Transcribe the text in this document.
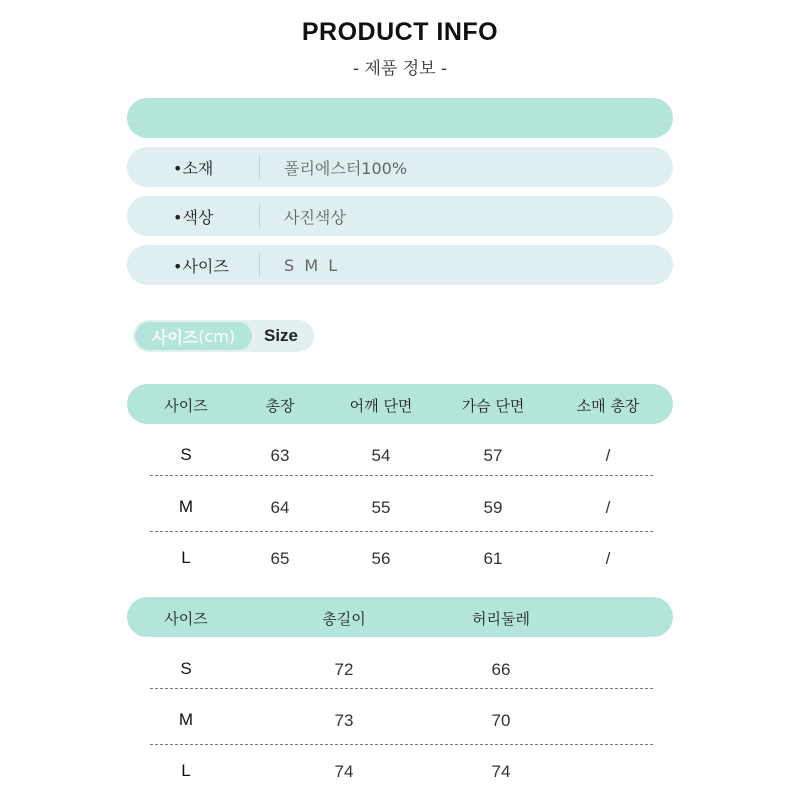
PRODUCT INFO
- 제품 정보 -
•소재	폴리에스터100%
•색상	사진색상
•사이즈	S  M  L
사이즈 (cm)	Size
사이즈	총장	어깨 단면	가슴 단면	소매 총장
S	63	54	57	/
M	64	55	59	/
L	65	56	61	/
사이즈	총길이	허리둘레
S	72	66
M	73	70
L	74	74
